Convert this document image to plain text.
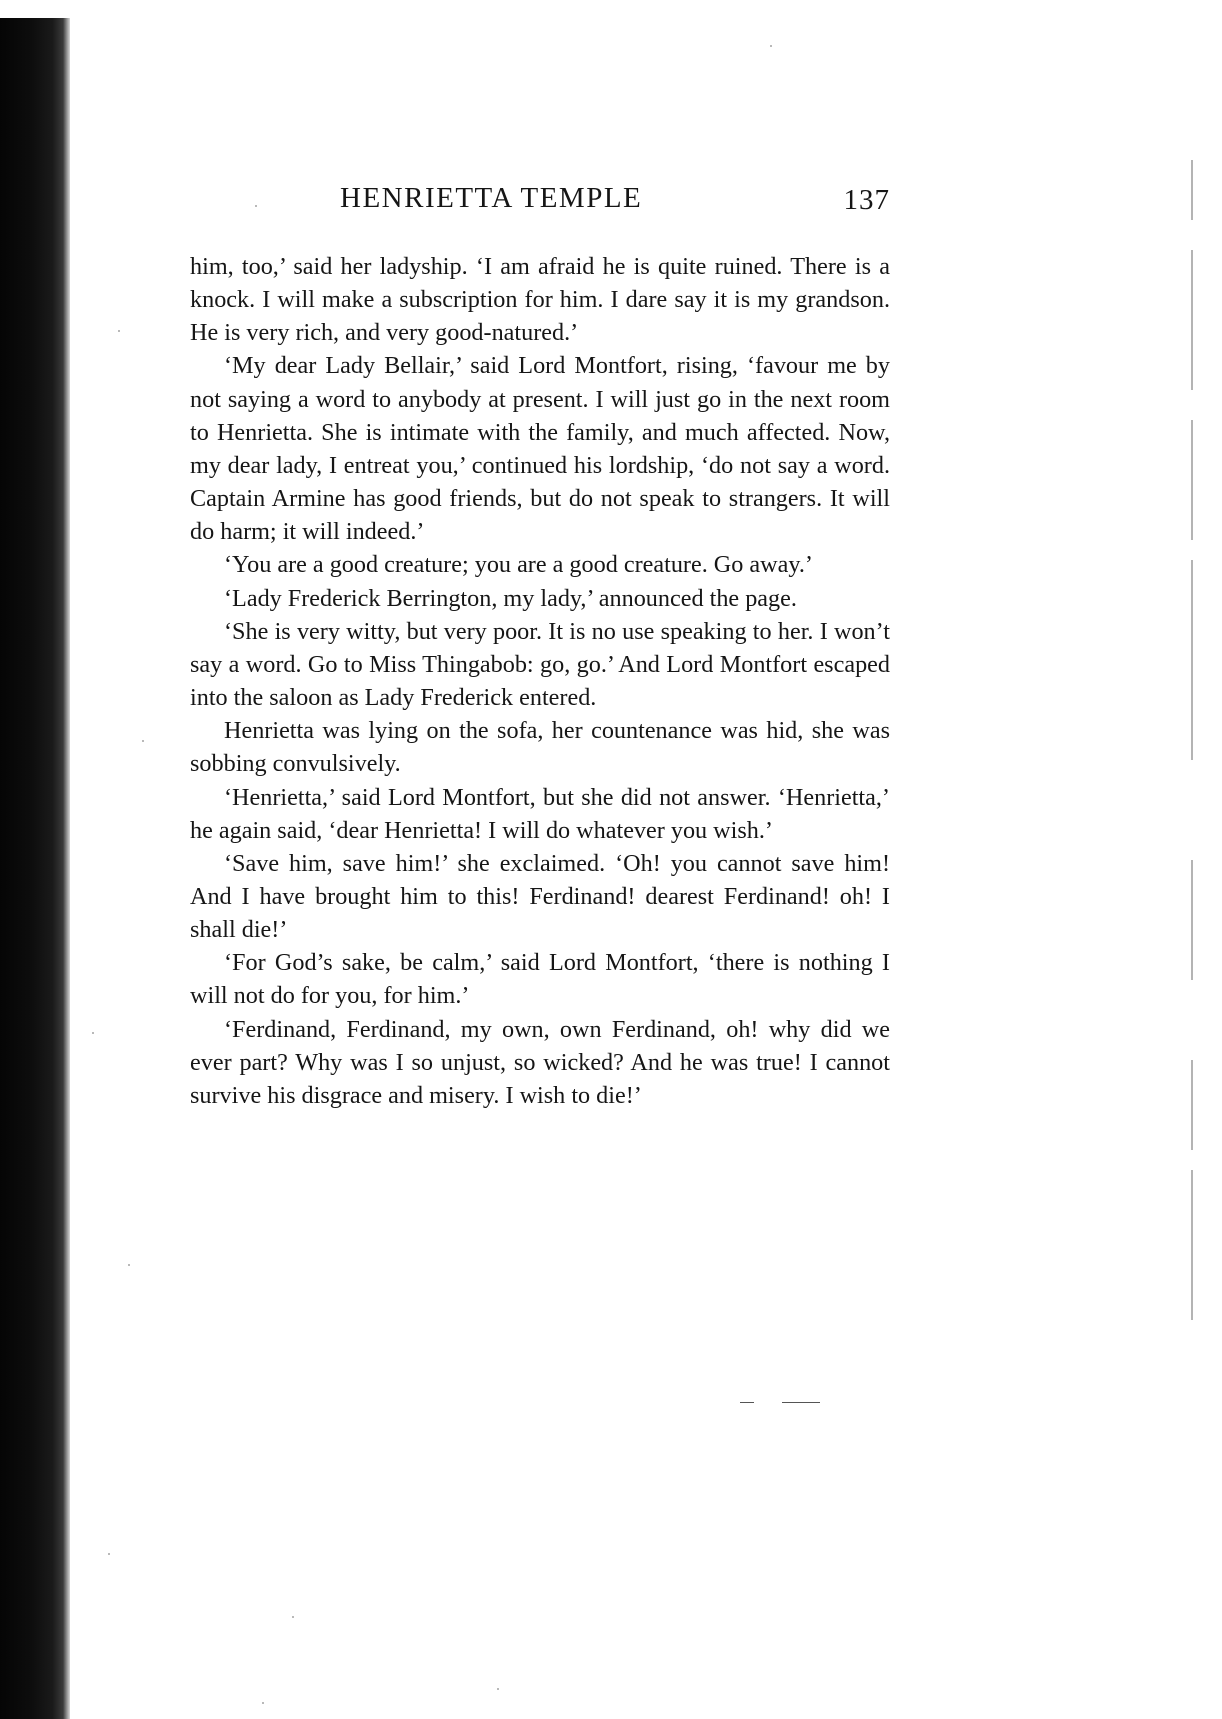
HENRIETTA TEMPLE	137

him, too,’ said her ladyship. ‘I am afraid he is quite ruined. There is a knock. I will make a subscription for him. I dare say it is my grandson. He is very rich, and very good-natured.’

‘My dear Lady Bellair,’ said Lord Montfort, rising, ‘favour me by not saying a word to anybody at present. I will just go in the next room to Henrietta. She is intimate with the family, and much affected. Now, my dear lady, I entreat you,’ continued his lordship, ‘do not say a word. Captain Armine has good friends, but do not speak to strangers. It will do harm; it will indeed.’

‘You are a good creature; you are a good creature. Go away.’

‘Lady Frederick Berrington, my lady,’ announced the page.

‘She is very witty, but very poor. It is no use speaking to her. I won’t say a word. Go to Miss Thingabob: go, go.’ And Lord Montfort escaped into the saloon as Lady Frederick entered.

Henrietta was lying on the sofa, her countenance was hid, she was sobbing convulsively.

‘Henrietta,’ said Lord Montfort, but she did not answer. ‘Henrietta,’ he again said, ‘dear Henrietta! I will do whatever you wish.’

‘Save him, save him!’ she exclaimed. ‘Oh! you cannot save him! And I have brought him to this! Ferdinand! dearest Ferdinand! oh! I shall die!’

‘For God’s sake, be calm,’ said Lord Montfort, ‘there is nothing I will not do for you, for him.’

‘Ferdinand, Ferdinand, my own, own Ferdinand, oh! why did we ever part? Why was I so unjust, so wicked? And he was true! I cannot survive his disgrace and misery. I wish to die!’
